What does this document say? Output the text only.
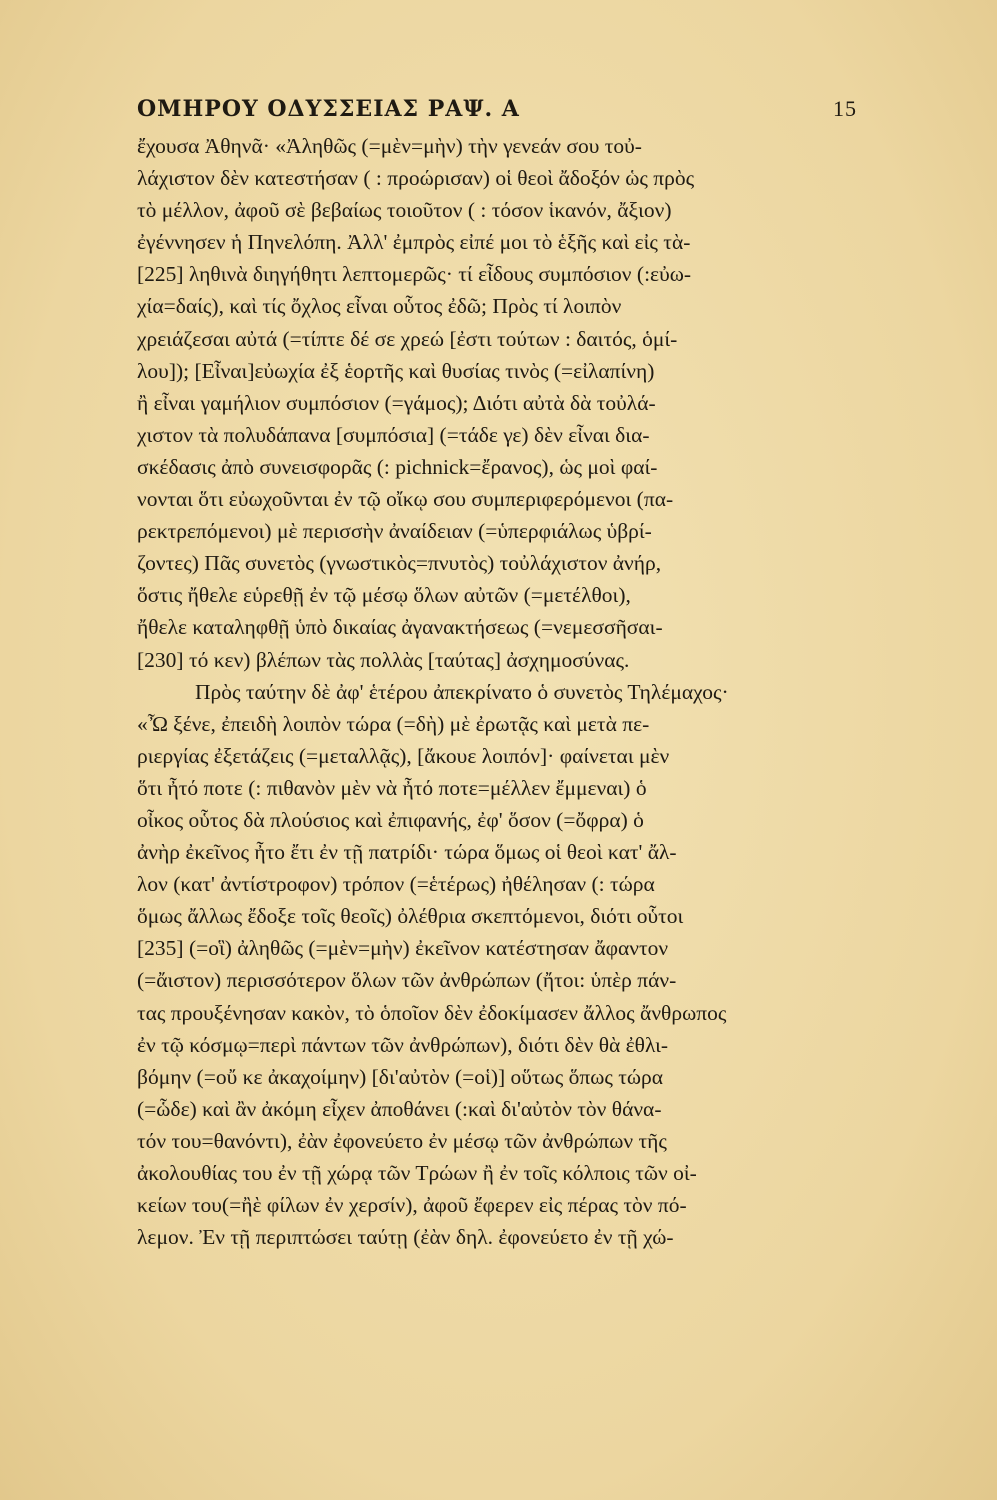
ΟΜΗΡΟΥ ΟΔΥΣΣΕΙΑΣ ΡΑΨ. Α	15
ἔχουσα Ἀθηνᾶ· «Ἀληθῶς (=μὲν=μὴν) τὴν γενεάν σου τοὐ-
λάχιστον δὲν κατεστήσαν ( : προώρισαν) οἱ θεοὶ ἄδοξόν ὡς πρὸς
τὸ μέλλον, ἀφοῦ σὲ βεβαίως τοιοῦτον ( : τόσον ἱκανόν, ἄξιον)
ἐγέννησεν ἡ Πηνελόπη. Ἀλλ' ἐμπρὸς εἰπέ μοι τὸ ἑξῆς καὶ εἰς τὰ-
[225] ληθινὰ διηγήθητι λεπτομερῶς· τί εἶδους συμπόσιον (:εὐω-
χία=δαίς), καὶ τίς ὄχλος εἶναι οὗτος ἐδῶ; Πρὸς τί λοιπὸν
χρειάζεσαι αὐτά (=τίπτε δέ σε χρεώ [ἐστι τούτων : δαιτός, ὁμί-
λου]); [Εἶναι]εὐωχία ἐξ ἑορτῆς καὶ θυσίας τινὸς (=εἰλαπίνη)
ἢ εἶναι γαμήλιον συμπόσιον (=γάμος); Διότι αὐτὰ δὰ τοὐλά-
χιστον τὰ πολυδάπανα [συμπόσια] (=τάδε γε) δὲν εἶναι δια-
σκέδασις ἀπὸ συνεισφορᾶς (: pichnick=ἔρανος), ὡς μοὶ φαί-
νονται ὅτι εὐωχοῦνται ἐν τῷ οἴκῳ σου συμπεριφερόμενοι (πα-
ρεκτρεπόμενοι) μὲ περισσὴν ἀναίδειαν (=ὑπερφιάλως ὑβρί-
ζοντες) Πᾶς συνετὸς (γνωστικὸς=πνυτὸς) τοὐλάχιστον ἀνήρ,
ὅστις ἤθελε εὑρεθῇ ἐν τῷ μέσῳ ὅλων αὐτῶν (=μετέλθοι),
ἤθελε καταληφθῇ ὑπὸ δικαίας ἀγανακτήσεως (=νεμεσσῆσαι-
[230] τό κεν) βλέπων τὰς πολλὰς [ταύτας] ἀσχημοσύνας.
Πρὸς ταύτην δὲ ἀφ' ἑτέρου ἀπεκρίνατο ὁ συνετὸς Τηλέμαχος·
«Ὦ ξένε, ἐπειδὴ λοιπὸν τώρα (=δὴ) μὲ ἐρωτᾷς καὶ μετὰ πε-
ριεργίας ἐξετάζεις (=μεταλλᾷς), [ἄκουε λοιπόν]· φαίνεται μὲν
ὅτι ἦτό ποτε (: πιθανὸν μὲν νὰ ἦτό ποτε=μέλλεν ἔμμεναι) ὁ
οἶκος οὗτος δὰ πλούσιος καὶ ἐπιφανής, ἐφ' ὅσον (=ὄφρα) ὁ
ἀνὴρ ἐκεῖνος ἦτο ἔτι ἐν τῇ πατρίδι· τώρα ὅμως οἱ θεοὶ κατ' ἄλ-
λον (κατ' ἀντίστροφον) τρόπον (=ἑτέρως) ἠθέλησαν (: τώρα
ὅμως ἄλλως ἔδοξε τοῖς θεοῖς) ὀλέθρια σκεπτόμενοι, διότι οὗτοι
[235] (=οἳ) ἀληθῶς (=μὲν=μὴν) ἐκεῖνον κατέστησαν ἄφαντον
(=ἄιστον) περισσότερον ὅλων τῶν ἀνθρώπων (ἤτοι: ὑπὲρ πάν-
τας προυξένησαν κακὸν, τὸ ὁποῖον δὲν ἐδοκίμασεν ἄλλος ἄνθρωπος
ἐν τῷ κόσμῳ=περὶ πάντων τῶν ἀνθρώπων), διότι δὲν θὰ ἐθλι-
βόμην (=οὔ κε ἀκαχοίμην) [δι'αὐτὸν (=οἱ)] οὕτως ὅπως τώρα
(=ὧδε) καὶ ἂν ἀκόμη εἶχεν ἀποθάνει (:καὶ δι'αὐτὸν τὸν θάνα-
τόν του=θανόντι), ἐὰν ἐφονεύετο ἐν μέσῳ τῶν ἀνθρώπων τῆς
ἀκολουθίας του ἐν τῇ χώρᾳ τῶν Τρώων ἢ ἐν τοῖς κόλποις τῶν οἰ-
κείων του(=ἢὲ φίλων ἐν χερσίν), ἀφοῦ ἔφερεν εἰς πέρας τὸν πό-
λεμον. Ἐν τῇ περιπτώσει ταύτῃ (ἐὰν δηλ. ἐφονεύετο ἐν τῇ χώ-
